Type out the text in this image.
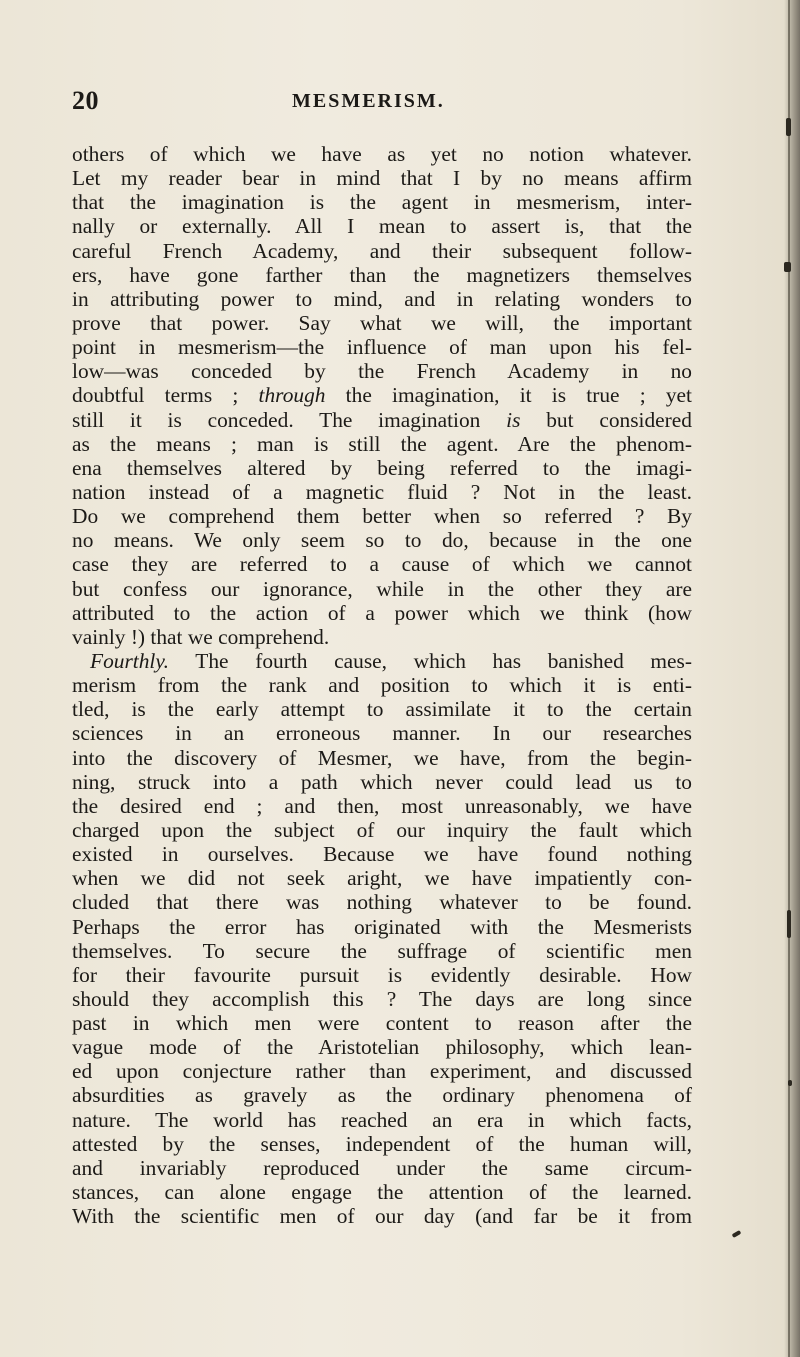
20	MESMERISM.
others of which we have as yet no notion whatever.
Let my reader bear in mind that I by no means affirm
that the imagination is the agent in mesmerism, inter-
nally or externally. All I mean to assert is, that the
careful French Academy, and their subsequent follow-
ers, have gone farther than the magnetizers themselves
in attributing power to mind, and in relating wonders to
prove that power. Say what we will, the important
point in mesmerism—the influence of man upon his fel-
low—was conceded by the French Academy in no
doubtful terms ; through the imagination, it is true ; yet
still it is conceded. The imagination is but considered
as the means ; man is still the agent. Are the phenom-
ena themselves altered by being referred to the imagi-
nation instead of a magnetic fluid ? Not in the least.
Do we comprehend them better when so referred ? By
no means. We only seem so to do, because in the one
case they are referred to a cause of which we cannot
but confess our ignorance, while in the other they are
attributed to the action of a power which we think (how
vainly !) that we comprehend.
Fourthly. The fourth cause, which has banished mes-
merism from the rank and position to which it is enti-
tled, is the early attempt to assimilate it to the certain
sciences in an erroneous manner. In our researches
into the discovery of Mesmer, we have, from the begin-
ning, struck into a path which never could lead us to
the desired end ; and then, most unreasonably, we have
charged upon the subject of our inquiry the fault which
existed in ourselves. Because we have found nothing
when we did not seek aright, we have impatiently con-
cluded that there was nothing whatever to be found.
Perhaps the error has originated with the Mesmerists
themselves. To secure the suffrage of scientific men
for their favourite pursuit is evidently desirable. How
should they accomplish this ? The days are long since
past in which men were content to reason after the
vague mode of the Aristotelian philosophy, which lean-
ed upon conjecture rather than experiment, and discussed
absurdities as gravely as the ordinary phenomena of
nature. The world has reached an era in which facts,
attested by the senses, independent of the human will,
and invariably reproduced under the same circum-
stances, can alone engage the attention of the learned.
With the scientific men of our day (and far be it from
